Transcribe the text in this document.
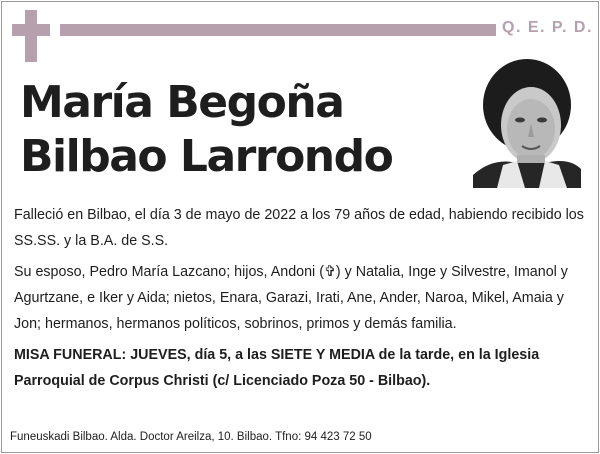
Q. E. P. D.
María Begoña
Bilbao Larrondo

Falleció en Bilbao, el día 3 de mayo de 2022 a los 79 años de edad, habiendo recibido los SS.SS. y la B.A. de S.S.

Su esposo, Pedro María Lazcano; hijos, Andoni (✞) y Natalia, Inge y Silvestre, Imanol y Agurtzane, e Iker y Aida; nietos, Enara, Garazi, Irati, Ane, Ander, Naroa, Mikel, Amaia y Jon; hermanos, hermanos políticos, sobrinos, primos y demás familia.

MISA FUNERAL: JUEVES, día 5, a las SIETE Y MEDIA de la tarde, en la Iglesia Parroquial de Corpus Christi (c/ Licenciado Poza 50 - Bilbao).

Funeuskadi Bilbao. Alda. Doctor Areilza, 10. Bilbao. Tfno: 94 423 72 50
